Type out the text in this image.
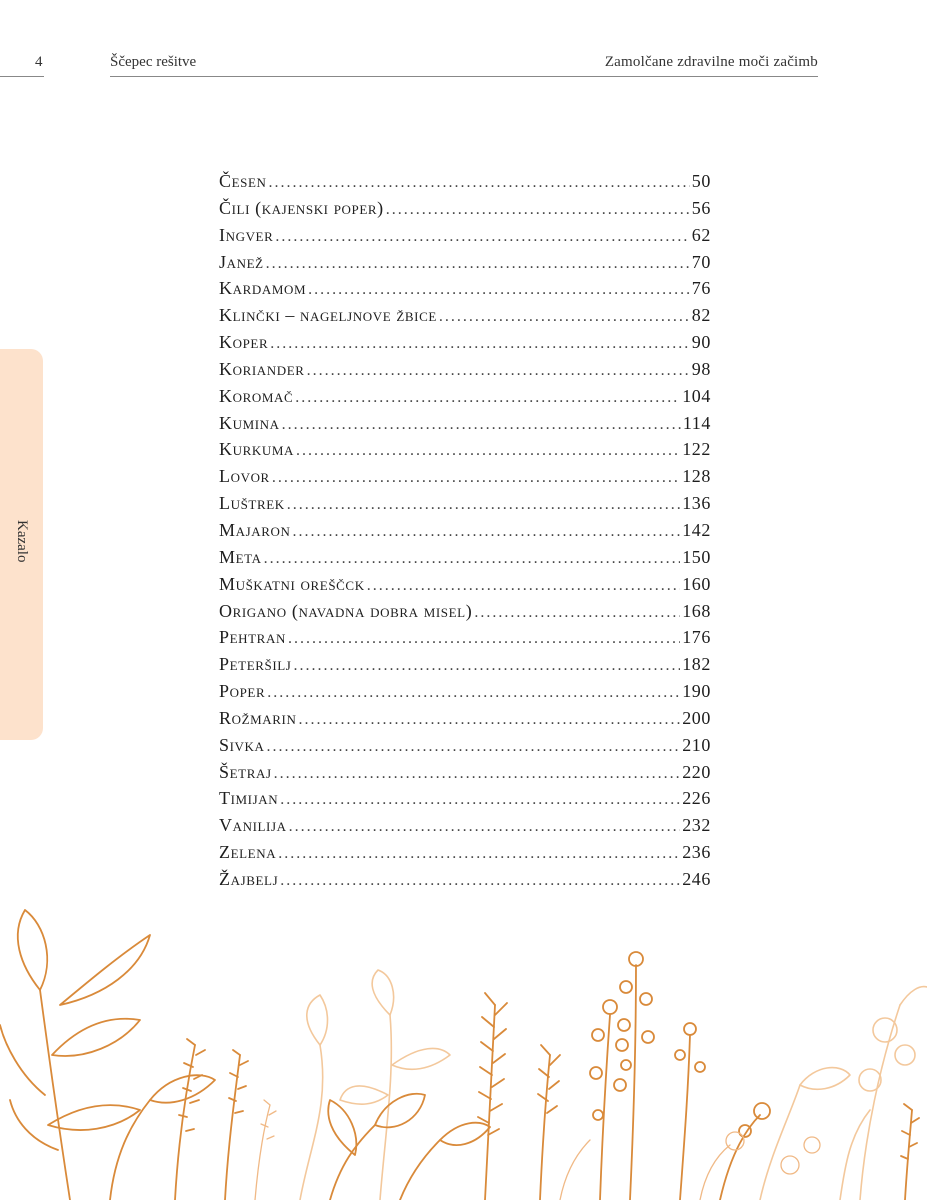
4	Ščepec rešitve	Zamolčane zdravilne moči začimb
Kazalo
Česen . . .	50
Čili (kajenski poper) . . .	56
Ingver . . .	62
Janež . . .	70
Kardamom . . .	76
Klinčki – nageljnove žbice . . .	82
Koper . . .	90
Koriander . . .	98
Koromač . . .	104
Kumina . . .	114
Kurkuma . . .	122
Lovor . . .	128
Luštrek . . .	136
Majaron . . .	142
Meta . . .	150
Muškatni oreščck . . .	160
Origano (navadna dobra misel) . . .	168
Pehtran . . .	176
Peteršilj . . .	182
Poper . . .	190
Rožmarin . . .	200
Sivka . . .	210
Šetraj . . .	220
Timijan . . .	226
Vanilija . . .	232
Zelena . . .	236
Žajbelj . . .	246
